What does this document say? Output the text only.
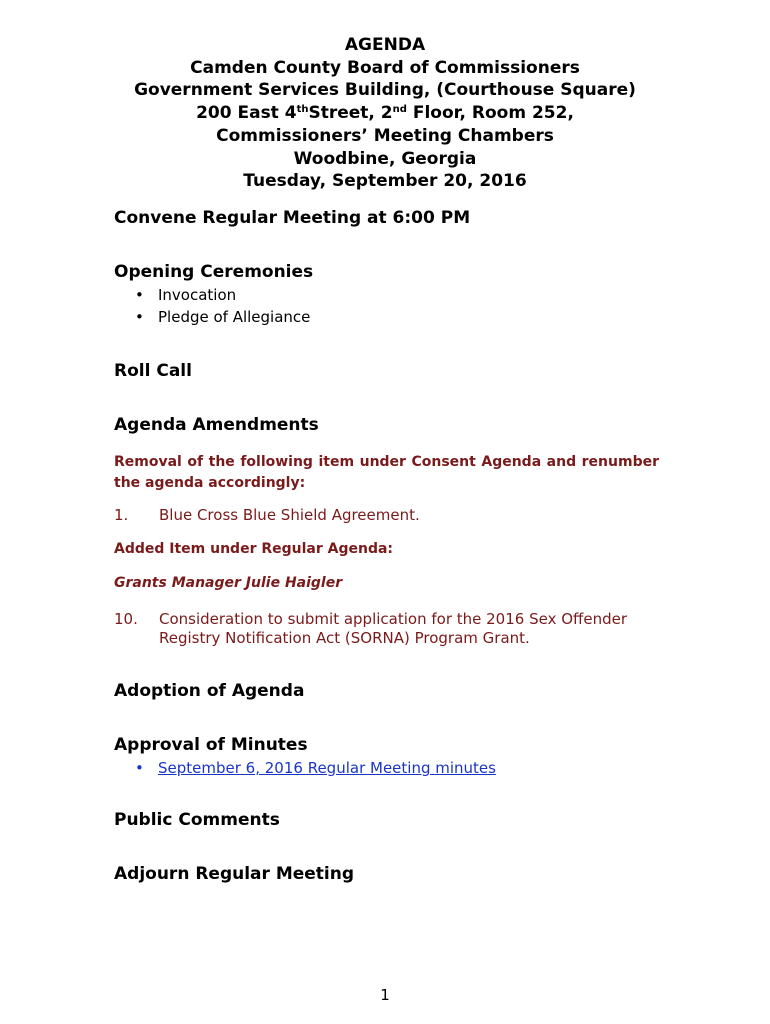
AGENDA
Camden County Board of Commissioners
Government Services Building, (Courthouse Square)
200 East 4thStreet, 2nd Floor, Room 252,
Commissioners’ Meeting Chambers
Woodbine, Georgia
Tuesday, September 20, 2016
Convene Regular Meeting at 6:00 PM
Opening Ceremonies
• Invocation
• Pledge of Allegiance
Roll Call
Agenda Amendments
Removal of the following item under Consent Agenda and renumber the agenda accordingly:
1. Blue Cross Blue Shield Agreement.
Added Item under Regular Agenda:
Grants Manager Julie Haigler
10. Consideration to submit application for the 2016 Sex Offender Registry Notification Act (SORNA) Program Grant.
Adoption of Agenda
Approval of Minutes
• September 6, 2016 Regular Meeting minutes
Public Comments
Adjourn Regular Meeting
1
